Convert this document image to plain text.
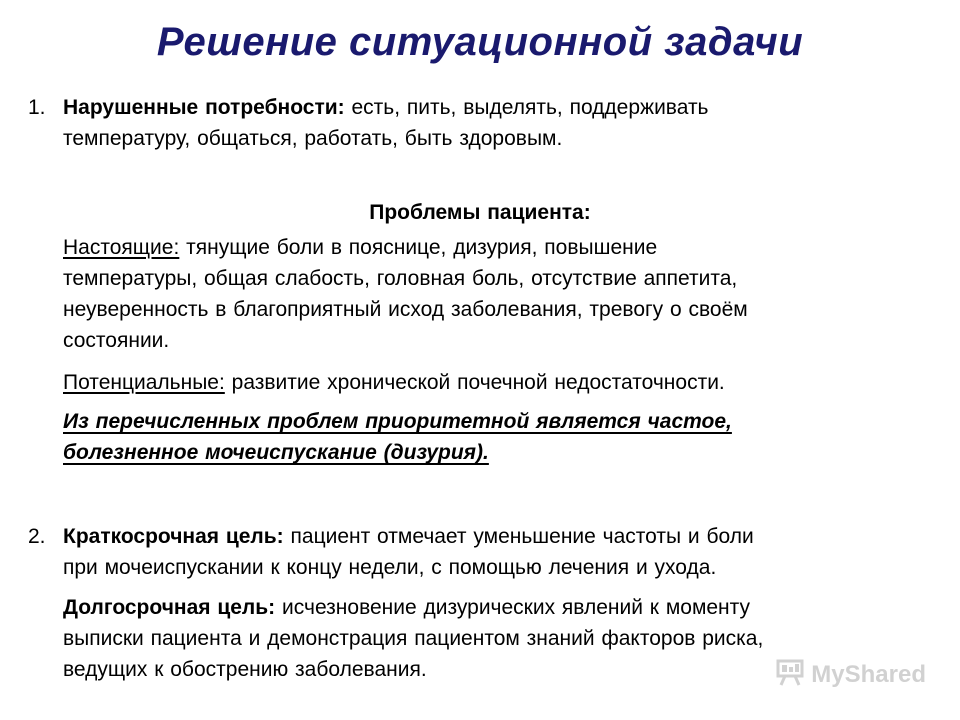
Решение ситуационной задачи
1. Нарушенные потребности: есть, пить, выделять, поддерживать
температуру, общаться, работать, быть здоровым.
Проблемы пациента:
Настоящие: тянущие боли в пояснице, дизурия, повышение
температуры, общая слабость, головная боль, отсутствие аппетита,
неуверенность в благоприятный исход заболевания, тревогу о своём
состоянии.
Потенциальные: развитие хронической почечной недостаточности.
Из перечисленных проблем приоритетной является частое,
болезненное мочеиспускание (дизурия).
2. Краткосрочная цель: пациент отмечает уменьшение частоты и боли
при мочеиспускании к концу недели, с помощью лечения и ухода.
Долгосрочная цель: исчезновение дизурических явлений к моменту
выписки пациента и демонстрация пациентом знаний факторов риска,
ведущих к обострению заболевания.	MyShared
